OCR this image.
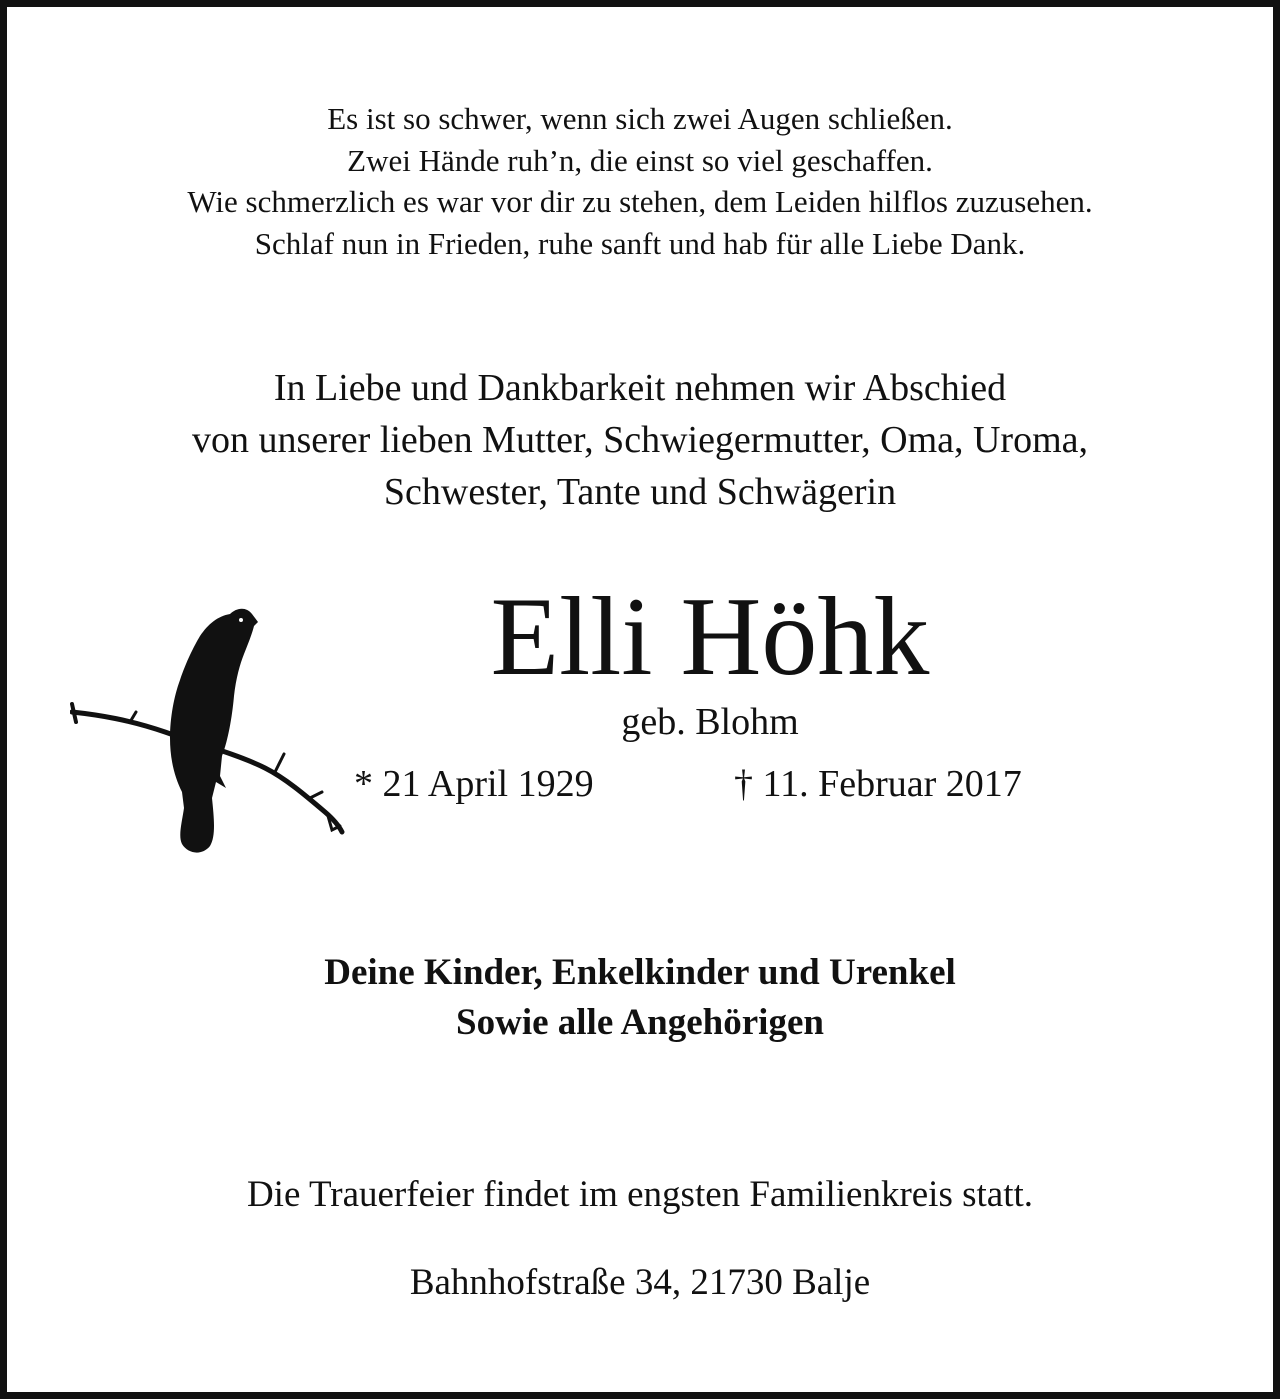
Es ist so schwer, wenn sich zwei Augen schließen.
Zwei Hände ruh’n, die einst so viel geschaffen.
Wie schmerzlich es war vor dir zu stehen, dem Leiden hilflos zuzusehen.
Schlaf nun in Frieden, ruhe sanft und hab für alle Liebe Dank.
In Liebe und Dankbarkeit nehmen wir Abschied
von unserer lieben Mutter, Schwiegermutter, Oma, Uroma,
Schwester, Tante und Schwägerin
Elli Höhk
geb. Blohm
* 21 April 1929	† 11. Februar 2017
Deine Kinder, Enkelkinder und Urenkel
Sowie alle Angehörigen
Die Trauerfeier findet im engsten Familienkreis statt.
Bahnhofstraße 34, 21730 Balje
